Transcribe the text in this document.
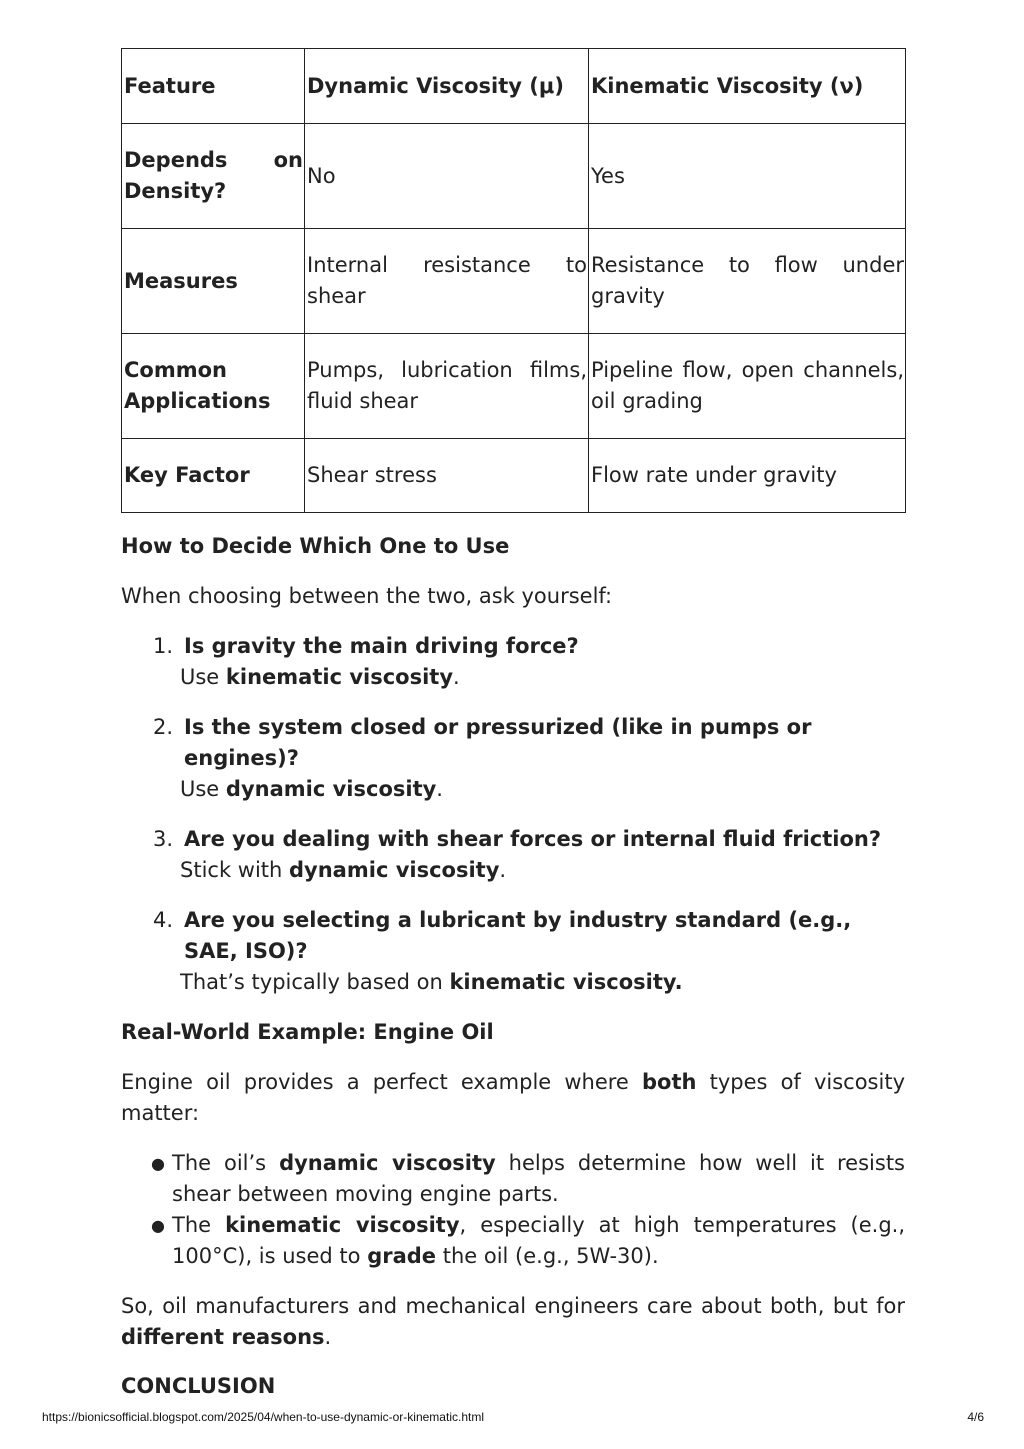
Feature	Dynamic Viscosity (μ)	Kinematic Viscosity (ν)
Depends on Density?	No	Yes
Measures	Internal resistance to shear	Resistance to flow under gravity
Common Applications	Pumps, lubrication films, fluid shear	Pipeline flow, open channels, oil grading
Key Factor	Shear stress	Flow rate under gravity
How to Decide Which One to Use

When choosing between the two, ask yourself:

1. Is gravity the main driving force?
Use kinematic viscosity.
2. Is the system closed or pressurized (like in pumps or engines)?
Use dynamic viscosity.
3. Are you dealing with shear forces or internal fluid friction?
Stick with dynamic viscosity.
4. Are you selecting a lubricant by industry standard (e.g., SAE, ISO)?
That’s typically based on kinematic viscosity.
Real-World Example: Engine Oil

Engine oil provides a perfect example where both types of viscosity matter:

● The oil’s dynamic viscosity helps determine how well it resists shear between moving engine parts.
● The kinematic viscosity, especially at high temperatures (e.g., 100°C), is used to grade the oil (e.g., 5W-30).

So, oil manufacturers and mechanical engineers care about both, but for different reasons.

CONCLUSION
https://bionicsofficial.blogspot.com/2025/04/when-to-use-dynamic-or-kinematic.html	4/6
